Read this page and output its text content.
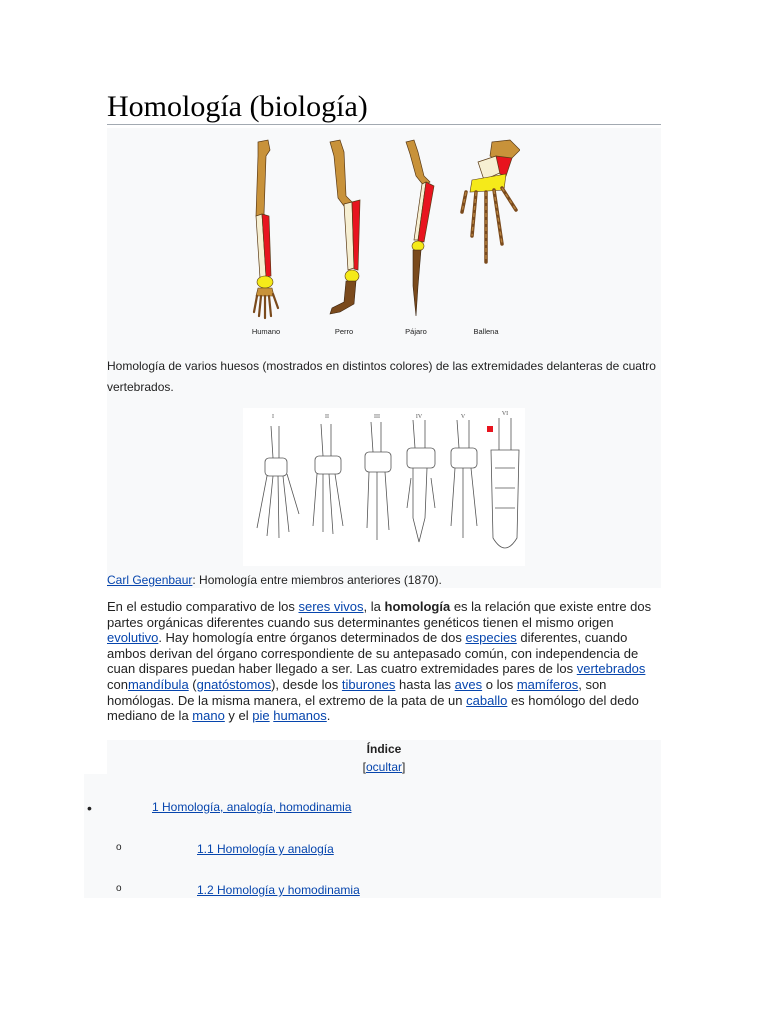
Homología (biología)
Humano	Perro	Pájaro	Ballena
Homología de varios huesos (mostrados en distintos colores) de las extremidades delanteras de cuatro vertebrados.
I	II	III	IV	V	VI
Carl Gegenbaur: Homología entre miembros anteriores (1870).
En el estudio comparativo de los seres vivos, la homología es la relación que existe entre dos partes orgánicas diferentes cuando sus determinantes genéticos tienen el mismo origen evolutivo. Hay homología entre órganos determinados de dos especies diferentes, cuando ambos derivan del órgano correspondiente de su antepasado común, con independencia de cuan dispares puedan haber llegado a ser. Las cuatro extremidades pares de los vertebrados conmandíbula (gnatóstomos), desde los tiburones hasta las aves o los mamíferos, son homólogas. De la misma manera, el extremo de la pata de un caballo es homólogo del dedo mediano de la mano y el pie humanos.
Índice
[ocultar]
•	1 Homología, analogía, homodinamia
o	1.1 Homología y analogía
o	1.2 Homología y homodinamia
